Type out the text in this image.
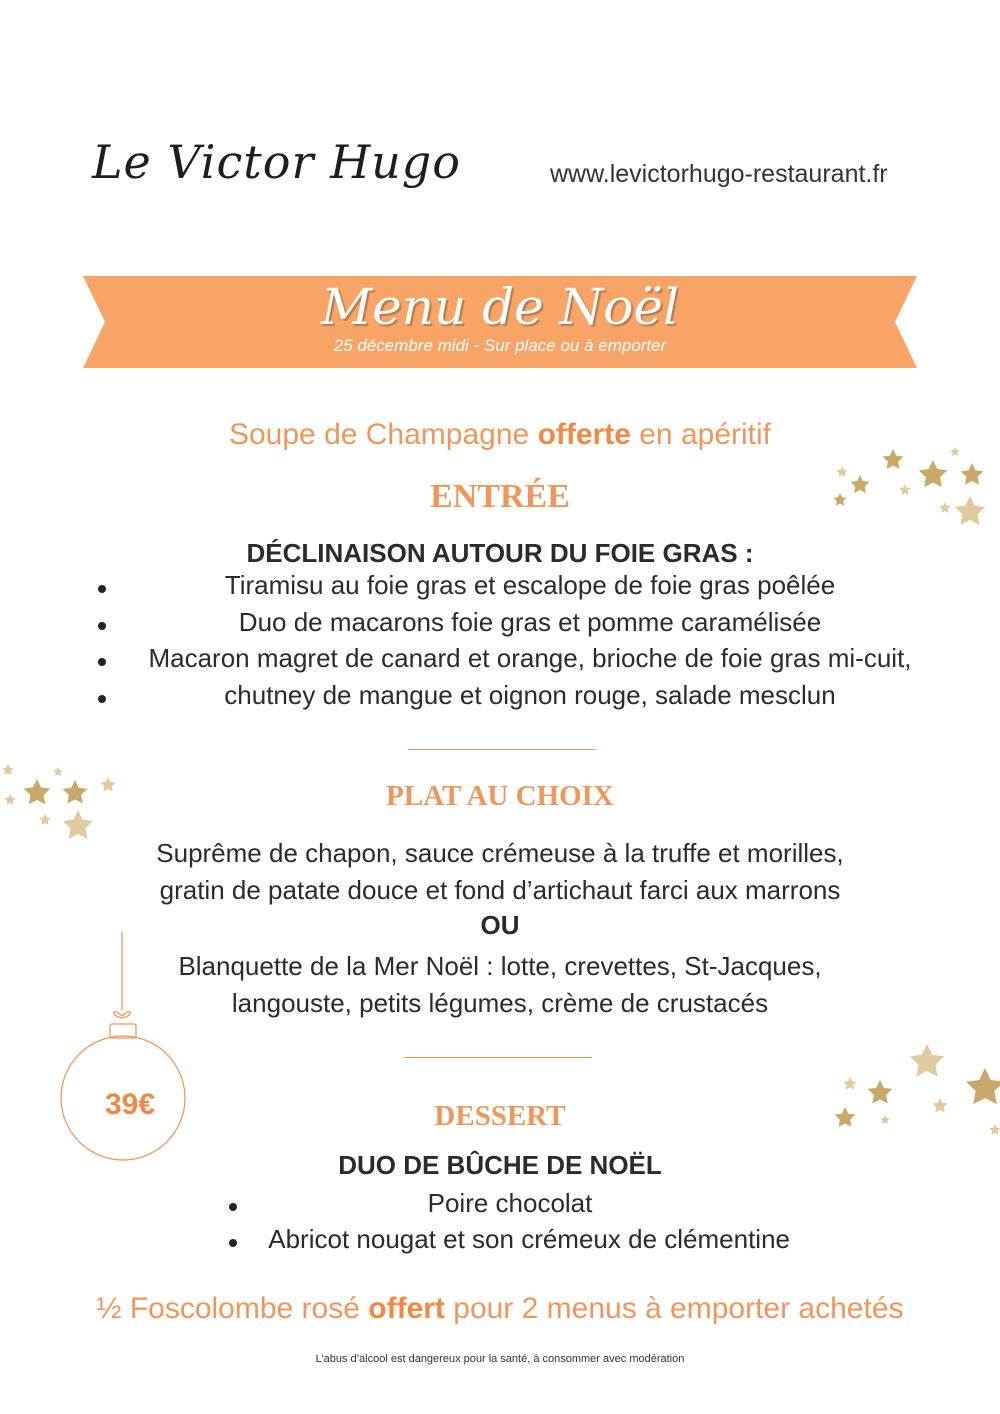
Le Victor Hugo	www.levictorhugo-restaurant.fr
Menu de Noël
25 décembre midi - Sur place ou à emporter
Soupe de Champagne offerte en apéritif
ENTRÉE
DÉCLINAISON AUTOUR DU FOIE GRAS :
Tiramisu au foie gras et escalope de foie gras poêlée
Duo de macarons foie gras et pomme caramélisée
Macaron magret de canard et orange, brioche de foie gras mi-cuit,
chutney de mangue et oignon rouge, salade mesclun
PLAT AU CHOIX
Suprême de chapon, sauce crémeuse à la truffe et morilles,
gratin de patate douce et fond d’artichaut farci aux marrons
OU
Blanquette de la Mer Noël : lotte, crevettes, St-Jacques,
langouste, petits légumes, crème de crustacés
DESSERT
DUO DE BÛCHE DE NOËL
Poire chocolat
Abricot nougat et son crémeux de clémentine
½ Foscolombe rosé offert pour 2 menus à emporter achetés
L’abus d’alcool est dangereux pour la santé, à consommer avec modération
39€
